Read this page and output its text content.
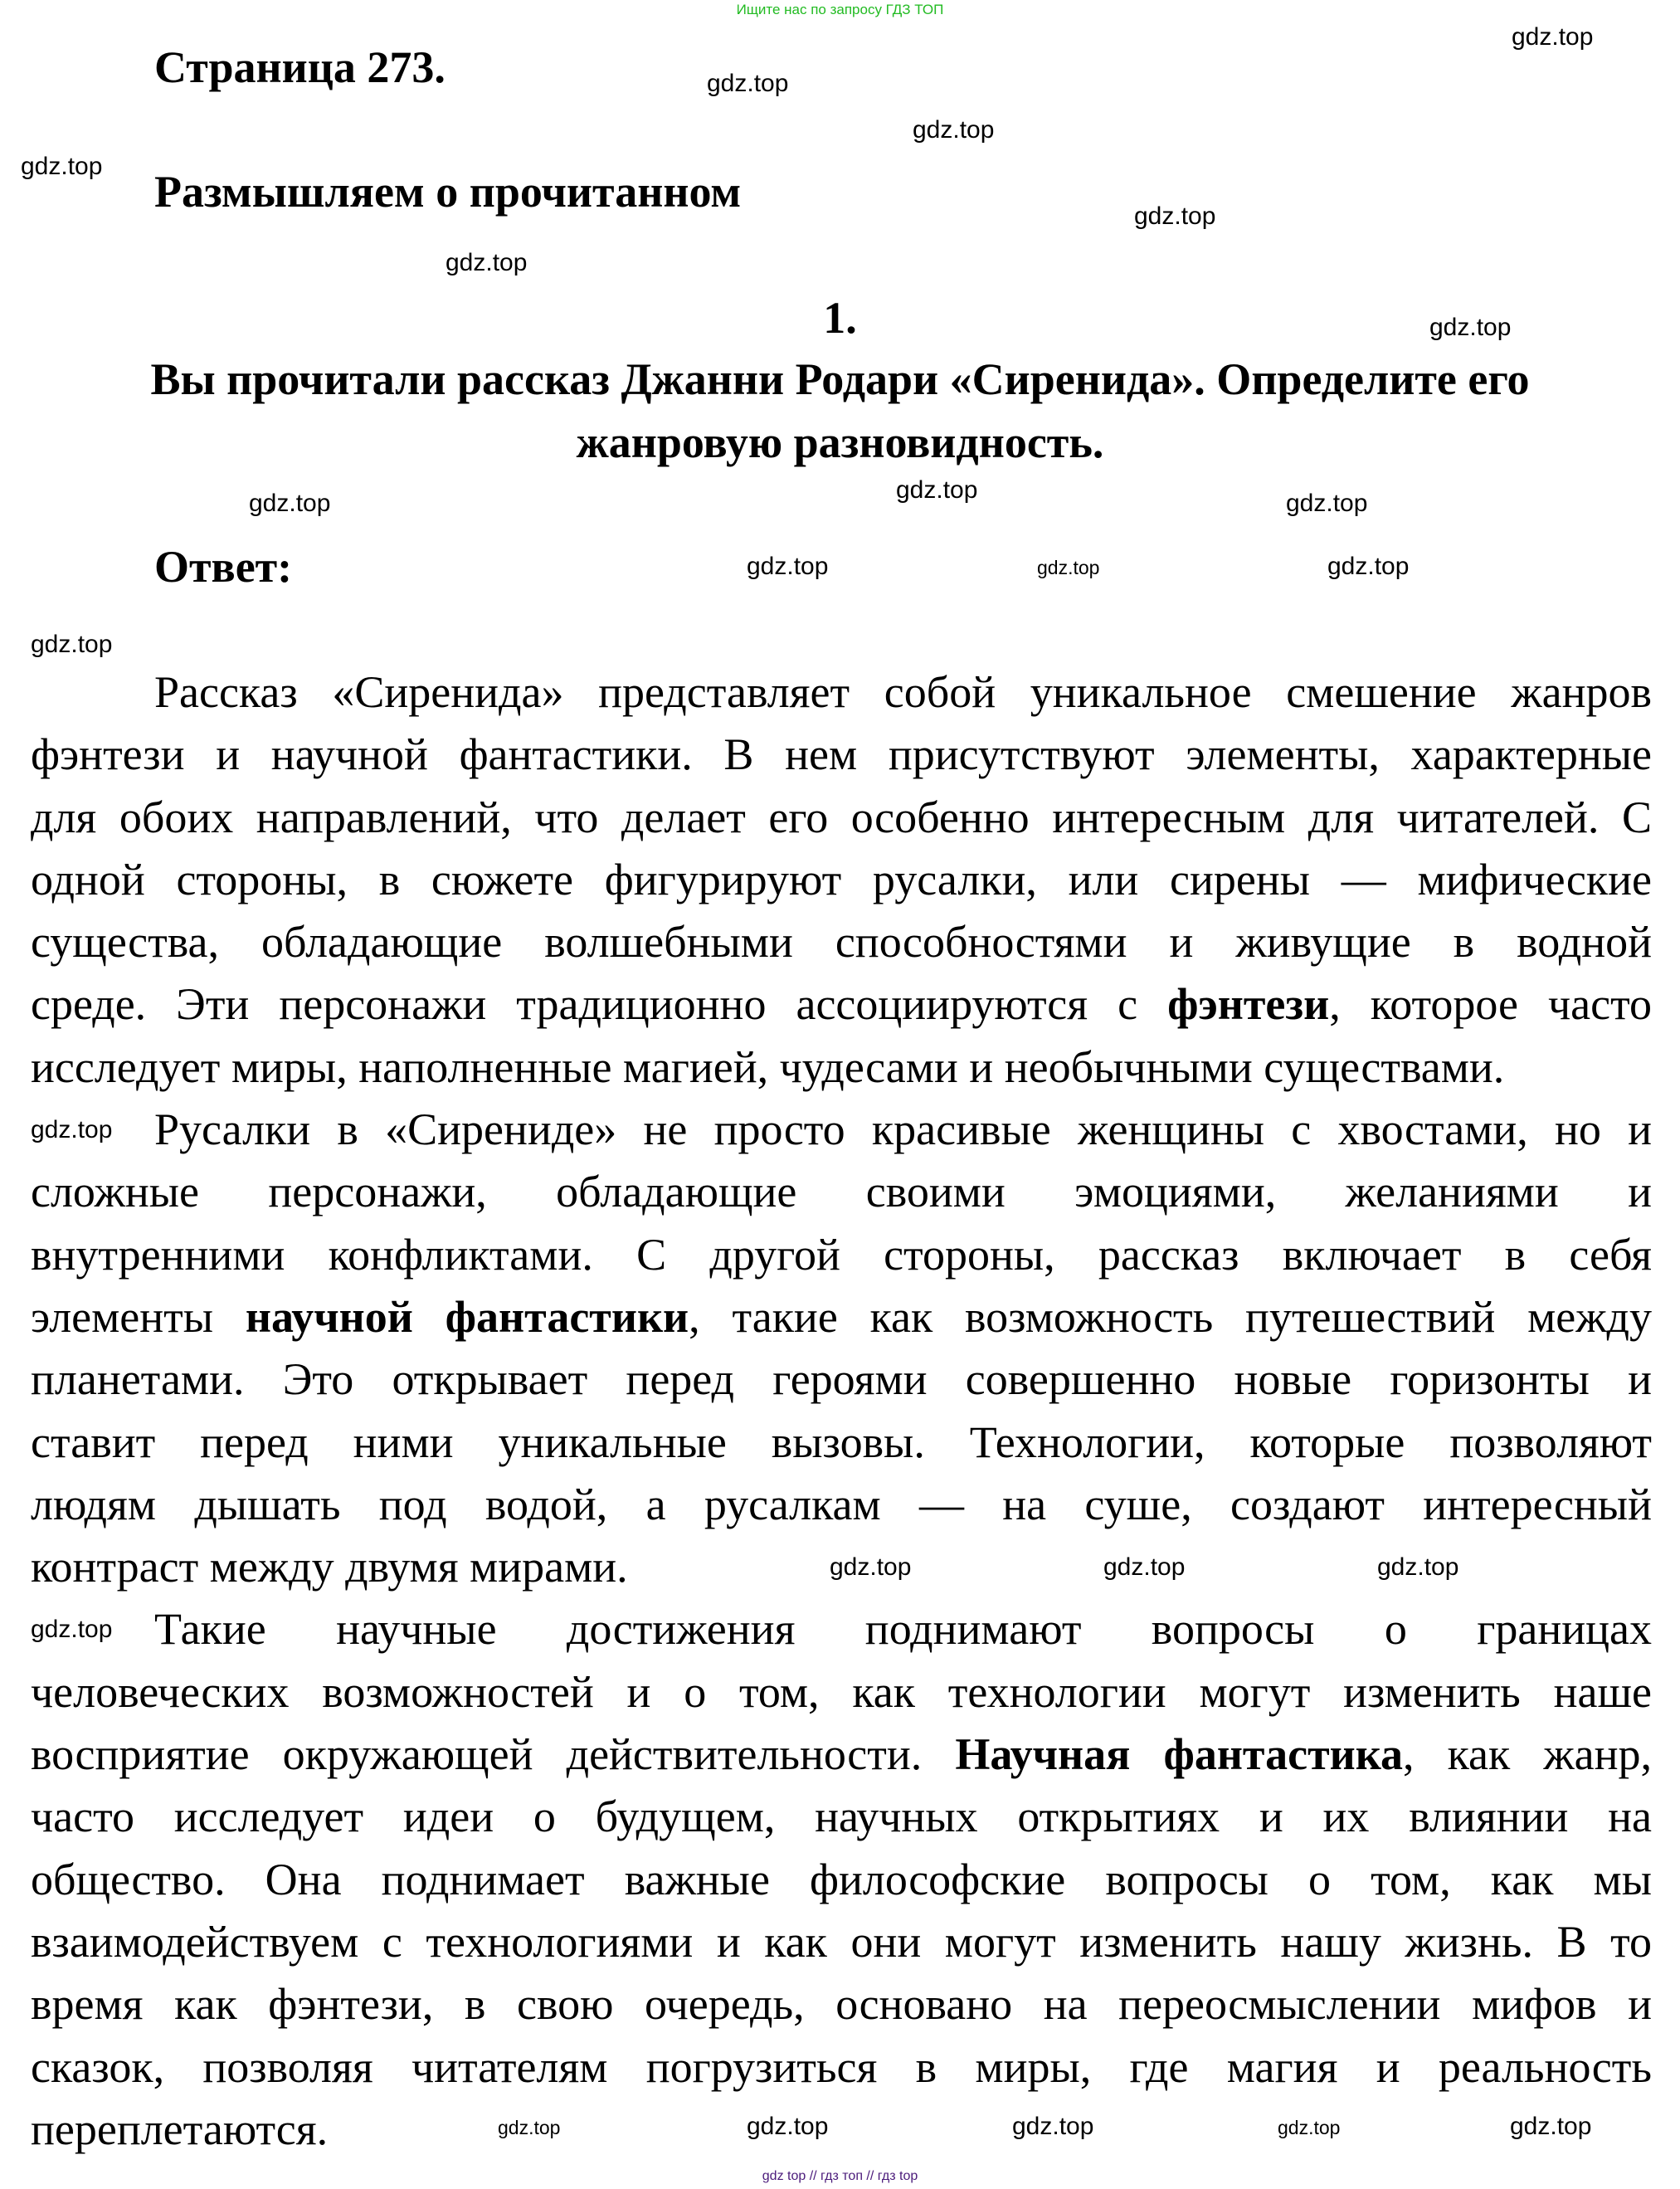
Ищите нас по запросу ГДЗ ТОП
Страница 273.
Размышляем о прочитанном
1.
Вы прочитали рассказ Джанни Родари «Сиренида». Определите его
жанровую разновидность.
Ответ:
Рассказ «Сиренида» представляет собой уникальное смешение жанров
фэнтези и научной фантастики. В нем присутствуют элементы, характерные
для обоих направлений, что делает его особенно интересным для читателей. С
одной стороны, в сюжете фигурируют русалки, или сирены — мифические
существа, обладающие волшебными способностями и живущие в водной
среде. Эти персонажи традиционно ассоциируются с фэнтези, которое часто
исследует миры, наполненные магией, чудесами и необычными существами.
Русалки в «Сирениде» не просто красивые женщины с хвостами, но и
сложные персонажи, обладающие своими эмоциями, желаниями и
внутренними конфликтами. С другой стороны, рассказ включает в себя
элементы научной фантастики, такие как возможность путешествий между
планетами. Это открывает перед героями совершенно новые горизонты и
ставит перед ними уникальные вызовы. Технологии, которые позволяют
людям дышать под водой, а русалкам — на суше, создают интересный
контраст между двумя мирами.
Такие научные достижения поднимают вопросы о границах
человеческих возможностей и о том, как технологии могут изменить наше
восприятие окружающей действительности. Научная фантастика, как жанр,
часто исследует идеи о будущем, научных открытиях и их влиянии на
общество. Она поднимает важные философские вопросы о том, как мы
взаимодействуем с технологиями и как они могут изменить нашу жизнь. В то
время как фэнтези, в свою очередь, основано на переосмыслении мифов и
сказок, позволяя читателям погрузиться в миры, где магия и реальность
переплетаются.
gdz.top
gdz.top
gdz.top
gdz.top
gdz.top
gdz.top
gdz.top
gdz.top
gdz.top	gdz.top	gdz.top
gdz.top
gdz.top
gdz.top	gdz.top	gdz.top
gdz.top	gdz.top
gdz.top	gdz.top	gdz.top	gdz.top	gdz.top
gdz.top
gdz top // гдз топ // гдз top
